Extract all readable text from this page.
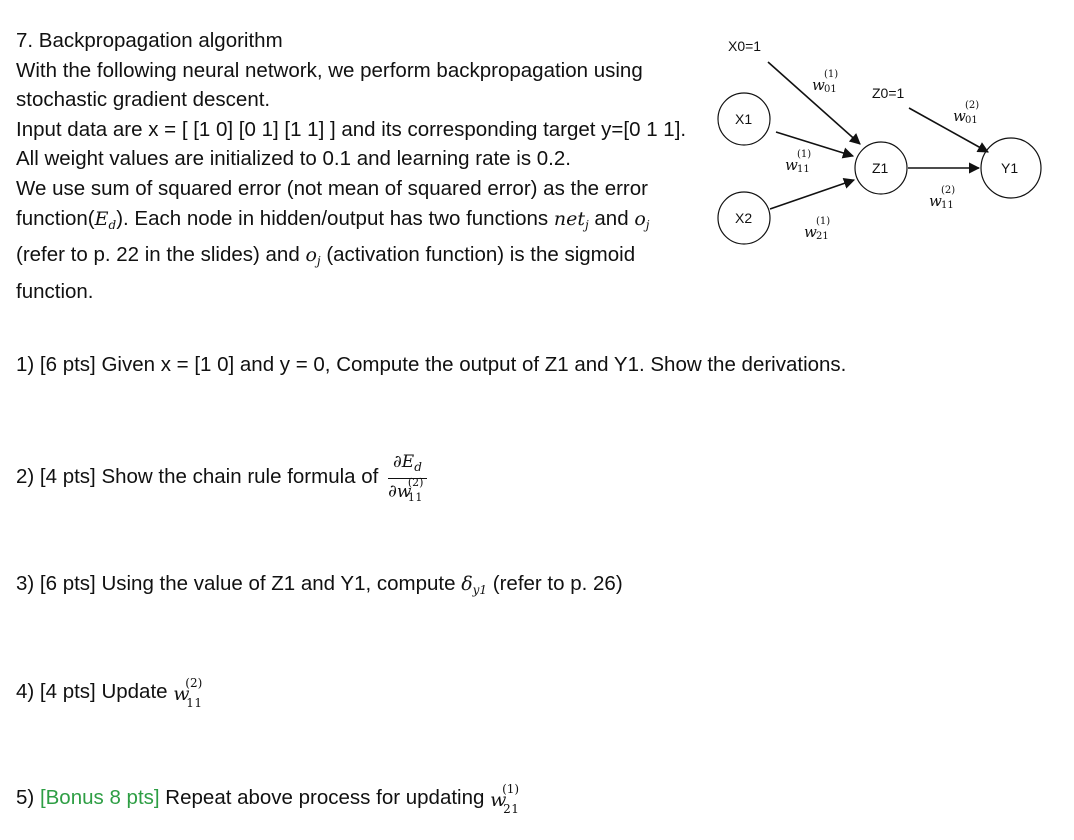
7. Backpropagation algorithm

With the following neural network, we perform backpropagation using stochastic gradient descent.

Input data are x = [ [1 0] [0 1] [1 1] ] and its corresponding target y=[0 1 1]. All weight values are initialized to 0.1 and learning rate is 0.2.

We use sum of squared error (not mean of squared error) as the error $function(E_d)$. Each node in hidden/output has two functions net$_j$ and $o_j$ (refer to p. 22 in the slides) and $o_j$ (activation function) is the sigmoid function.

X0=1
Z0=1
X1
X2
Z1	Y1
w
(1)
01
w
(1)
11
w
(1)
21
w
(2)
01
w
(2)
11
1) [6 pts] Given x = [1 0] and y = 0, Compute the output of Z1 and Y1. Show the derivations.
2) [4 pts] Show the chain rule formula of $\partial E_d$
∂ w
(2)
11
3) [6 pts] Using the value of Z1 and Y1, compute $\delta_{y1}$ (refer to p. 26)
4) [4 pts] Update w
(2)
11
5) [Bonus 8 pts] Repeat above process for updating w
(1)
21
